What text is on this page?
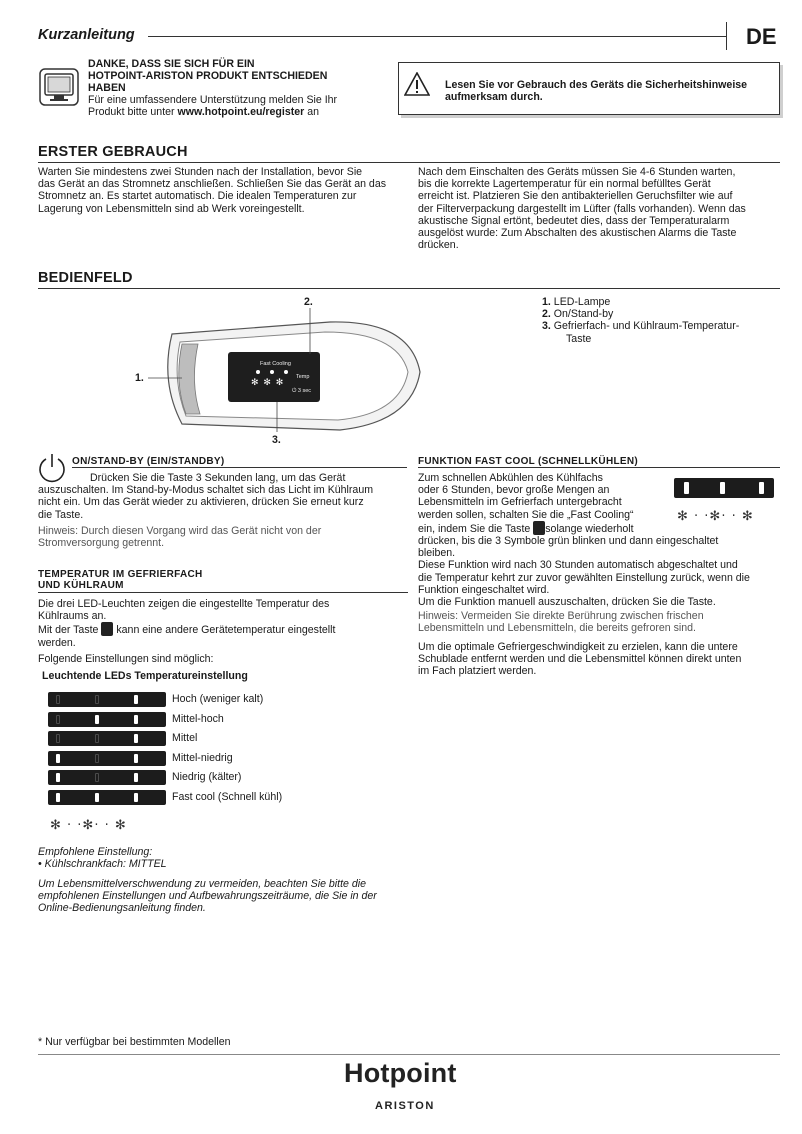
Kurzanleitung	DE
DANKE, DASS SIE SICH FÜR EIN
HOTPOINT-ARISTON PRODUKT ENTSCHIEDEN
HABEN
Für eine umfassendere Unterstützung melden Sie Ihr
Produkt bitte unter www.hotpoint.eu/register an
Lesen Sie vor Gebrauch des Geräts die Sicherheitshinweise
aufmerksam durch.
ERSTER GEBRAUCH
Warten Sie mindestens zwei Stunden nach der Installation, bevor Sie
das Gerät an das Stromnetz anschließen. Schließen Sie das Gerät an das
Stromnetz an. Es startet automatisch. Die idealen Temperaturen zur
Lagerung von Lebensmitteln sind ab Werk voreingestellt.
Nach dem Einschalten des Geräts müssen Sie 4-6 Stunden warten,
bis die korrekte Lagertemperatur für ein normal befülltes Gerät
erreicht ist. Platzieren Sie den antibakteriellen Geruchsfilter wie auf
der Filterverpackung dargestellt im Lüfter (falls vorhanden). Wenn das
akustische Signal ertönt, bedeutet dies, dass der Temperaturalarm
ausgelöst wurde: Zum Abschalten des akustischen Alarms die Taste
drücken.
BEDIENFELD
Fast Cooling
✻ ✻ ✻
Temp
⏻ 3 sec
2.
1.
3.
1. LED-Lampe
2. On/Stand-by
3. Gefrierfach- und Kühlraum-Temperatur-
Taste
ON/STAND-BY (EIN/STANDBY)
Drücken Sie die Taste 3 Sekunden lang, um das Gerät
auszuschalten. Im Stand-by-Modus schaltet sich das Licht im Kühlraum
nicht ein. Um das Gerät wieder zu aktivieren, drücken Sie erneut kurz
die Taste.
Hinweis: Durch diesen Vorgang wird das Gerät nicht von der
Stromversorgung getrennt.
TEMPERATUR IM GEFRIERFACH
UND KÜHLRAUM
Die drei LED-Leuchten zeigen die eingestellte Temperatur des
Kühlraums an.
Mit der Taste kann eine andere Gerätetemperatur eingestellt
werden.
Folgende Einstellungen sind möglich:
Leuchtende LEDs Temperatureinstellung
Hoch (weniger kalt)
Mittel-hoch
Mittel
Mittel-niedrig
Niedrig (kälter)
Fast cool (Schnell kühl)
✻ · ·✻· · ✻
Empfohlene Einstellung:
• Kühlschrankfach: MITTEL
Um Lebensmittelverschwendung zu vermeiden, beachten Sie bitte die
empfohlenen Einstellungen und Aufbewahrungszeiträume, die Sie in der
Online-Bedienungsanleitung finden.
FUNKTION FAST COOL (SCHNELLKÜHLEN)
Zum schnellen Abkühlen des Kühlfachs
oder 6 Stunden, bevor große Mengen an
Lebensmitteln im Gefrierfach untergebracht
werden sollen, schalten Sie die „Fast Cooling“
ein, indem Sie die Taste solange wiederholt
drücken, bis die 3 Symbole grün blinken und dann eingeschaltet
bleiben.
Diese Funktion wird nach 30 Stunden automatisch abgeschaltet und
die Temperatur kehrt zur zuvor gewählten Einstellung zurück, wenn die
Funktion eingeschaltet wird.
Um die Funktion manuell auszuschalten, drücken Sie die Taste.
Hinweis: Vermeiden Sie direkte Berührung zwischen frischen
Lebensmitteln und Lebensmitteln, die bereits gefroren sind.
Um die optimale Gefriergeschwindigkeit zu erzielen, kann die untere
Schublade entfernt werden und die Lebensmittel können direkt unten
im Fach platziert werden.
✻ · ·✻· · ✻
* Nur verfügbar bei bestimmten Modellen
Hotpoint
ARISTON
